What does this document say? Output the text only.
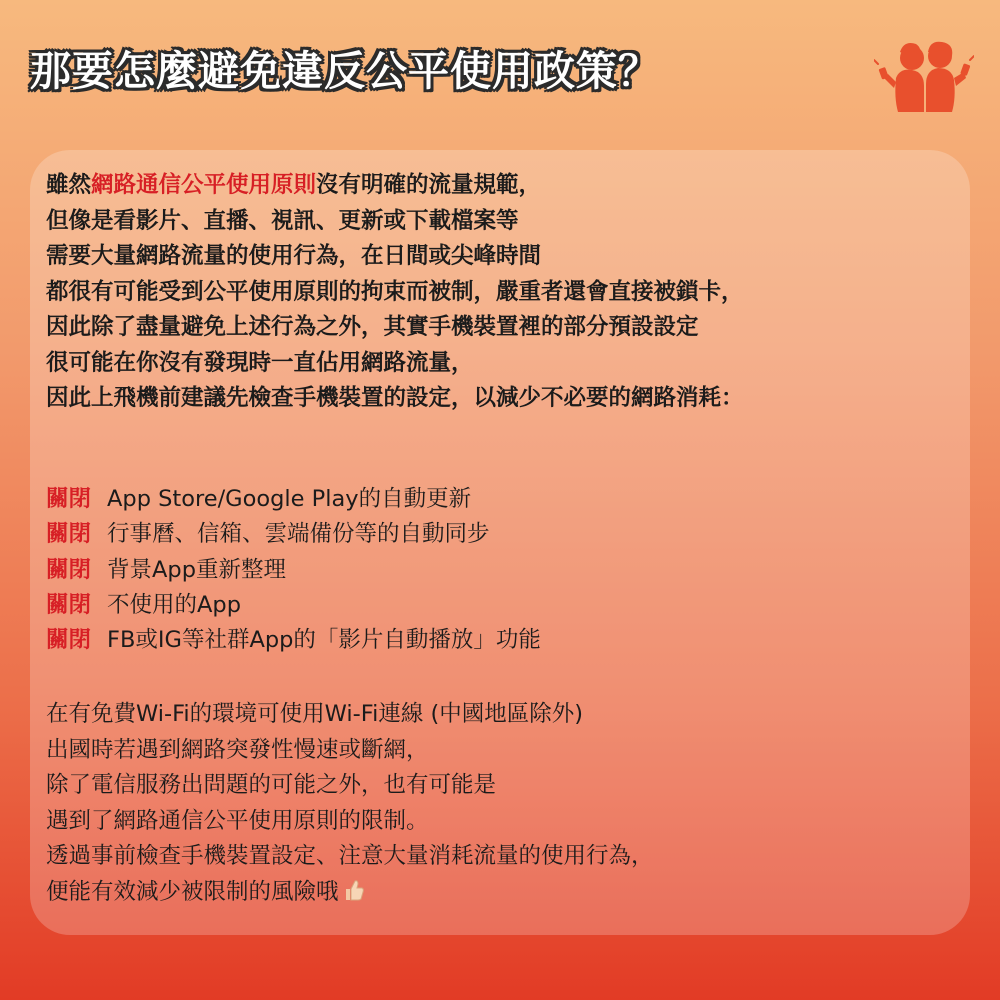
那要怎麼避免違反公平使用政策？
雖然網路通信公平使用原則沒有明確的流量規範，
但像是看影片、直播、視訊、更新或下載檔案等
需要大量網路流量的使用行為，在日間或尖峰時間
都很有可能受到公平使用原則的拘束而被制，嚴重者還會直接被鎖卡，
因此除了盡量避免上述行為之外，其實手機裝置裡的部分預設設定
很可能在你沒有發現時一直佔用網路流量，
因此上飛機前建議先檢查手機裝置的設定，以減少不必要的網路消耗：
關閉 App Store/Google Play的自動更新
關閉 行事曆、信箱、雲端備份等的自動同步
關閉 背景App重新整理
關閉 不使用的App
關閉 FB或IG等社群App的「影片自動播放」功能
在有免費Wi-Fi的環境可使用Wi-Fi連線 (中國地區除外)
出國時若遇到網路突發性慢速或斷網，
除了電信服務出問題的可能之外，也有可能是
遇到了網路通信公平使用原則的限制。
透過事前檢查手機裝置設定、注意大量消耗流量的使用行為，
便能有效減少被限制的風險哦
